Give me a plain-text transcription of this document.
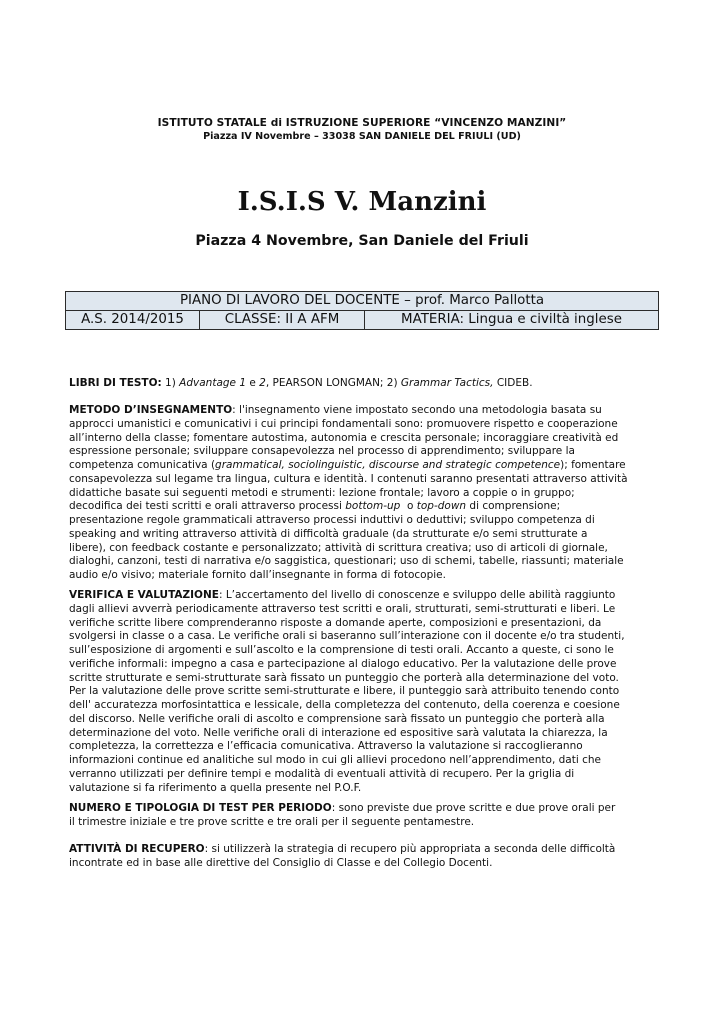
ISTITUTO STATALE di ISTRUZIONE SUPERIORE “VINCENZO MANZINI”
Piazza IV Novembre – 33038 SAN DANIELE DEL FRIULI (UD)
I.S.I.S V. Manzini
Piazza 4 Novembre, San Daniele del Friuli
PIANO DI LAVORO DEL DOCENTE – prof. Marco Pallotta
A.S. 2014/2015	CLASSE: II A AFM	MATERIA: Lingua e civiltà inglese

LIBRI DI TESTO: 1) Advantage 1 e 2, PEARSON LONGMAN; 2) Grammar Tactics, CIDEB.

METODO D’INSEGNAMENTO: l'insegnamento viene impostato secondo una metodologia basata su

approcci umanistici e comunicativi i cui principi fondamentali sono: promuovere rispetto e cooperazione

all’interno della classe; fomentare autostima, autonomia e crescita personale; incoraggiare creatività ed

espressione personale; sviluppare consapevolezza nel processo di apprendimento; sviluppare la

competenza comunicativa (grammatical, sociolinguistic, discourse and strategic competence); fomentare

consapevolezza sul legame tra lingua, cultura e identità. I contenuti saranno presentati attraverso attività

didattiche basate sui seguenti metodi e strumenti: lezione frontale; lavoro a coppie o in gruppo;

decodifica dei testi scritti e orali attraverso processi bottom-up  o top-down di comprensione;

presentazione regole grammaticali attraverso processi induttivi o deduttivi; sviluppo competenza di

speaking and writing attraverso attività di difficoltà graduale (da strutturate e/o semi strutturate a

libere), con feedback costante e personalizzato; attività di scrittura creativa; uso di articoli di giornale,

dialoghi, canzoni, testi di narrativa e/o saggistica, questionari; uso di schemi, tabelle, riassunti; materiale

audio e/o visivo; materiale fornito dall’insegnante in forma di fotocopie.

VERIFICA E VALUTAZIONE: L’accertamento del livello di conoscenze e sviluppo delle abilità raggiunto

dagli allievi avverrà periodicamente attraverso test scritti e orali, strutturati, semi-strutturati e liberi. Le

verifiche scritte libere comprenderanno risposte a domande aperte, composizioni e presentazioni, da

svolgersi in classe o a casa. Le verifiche orali si baseranno sull’interazione con il docente e/o tra studenti,

sull’esposizione di argomenti e sull’ascolto e la comprensione di testi orali. Accanto a queste, ci sono le

verifiche informali: impegno a casa e partecipazione al dialogo educativo. Per la valutazione delle prove

scritte strutturate e semi-strutturate sarà fissato un punteggio che porterà alla determinazione del voto.

Per la valutazione delle prove scritte semi-strutturate e libere, il punteggio sarà attribuito tenendo conto

dell' accuratezza morfosintattica e lessicale, della completezza del contenuto, della coerenza e coesione

del discorso. Nelle verifiche orali di ascolto e comprensione sarà fissato un punteggio che porterà alla

determinazione del voto. Nelle verifiche orali di interazione ed espositive sarà valutata la chiarezza, la

completezza, la correttezza e l’efficacia comunicativa. Attraverso la valutazione si raccoglieranno

informazioni continue ed analitiche sul modo in cui gli allievi procedono nell’apprendimento, dati che

verranno utilizzati per definire tempi e modalità di eventuali attività di recupero. Per la griglia di

valutazione si fa riferimento a quella presente nel P.O.F.

NUMERO E TIPOLOGIA DI TEST PER PERIODO: sono previste due prove scritte e due prove orali per

il trimestre iniziale e tre prove scritte e tre orali per il seguente pentamestre.

ATTIVITÀ DI RECUPERO: si utilizzerà la strategia di recupero più appropriata a seconda delle difficoltà

incontrate ed in base alle direttive del Consiglio di Classe e del Collegio Docenti.
